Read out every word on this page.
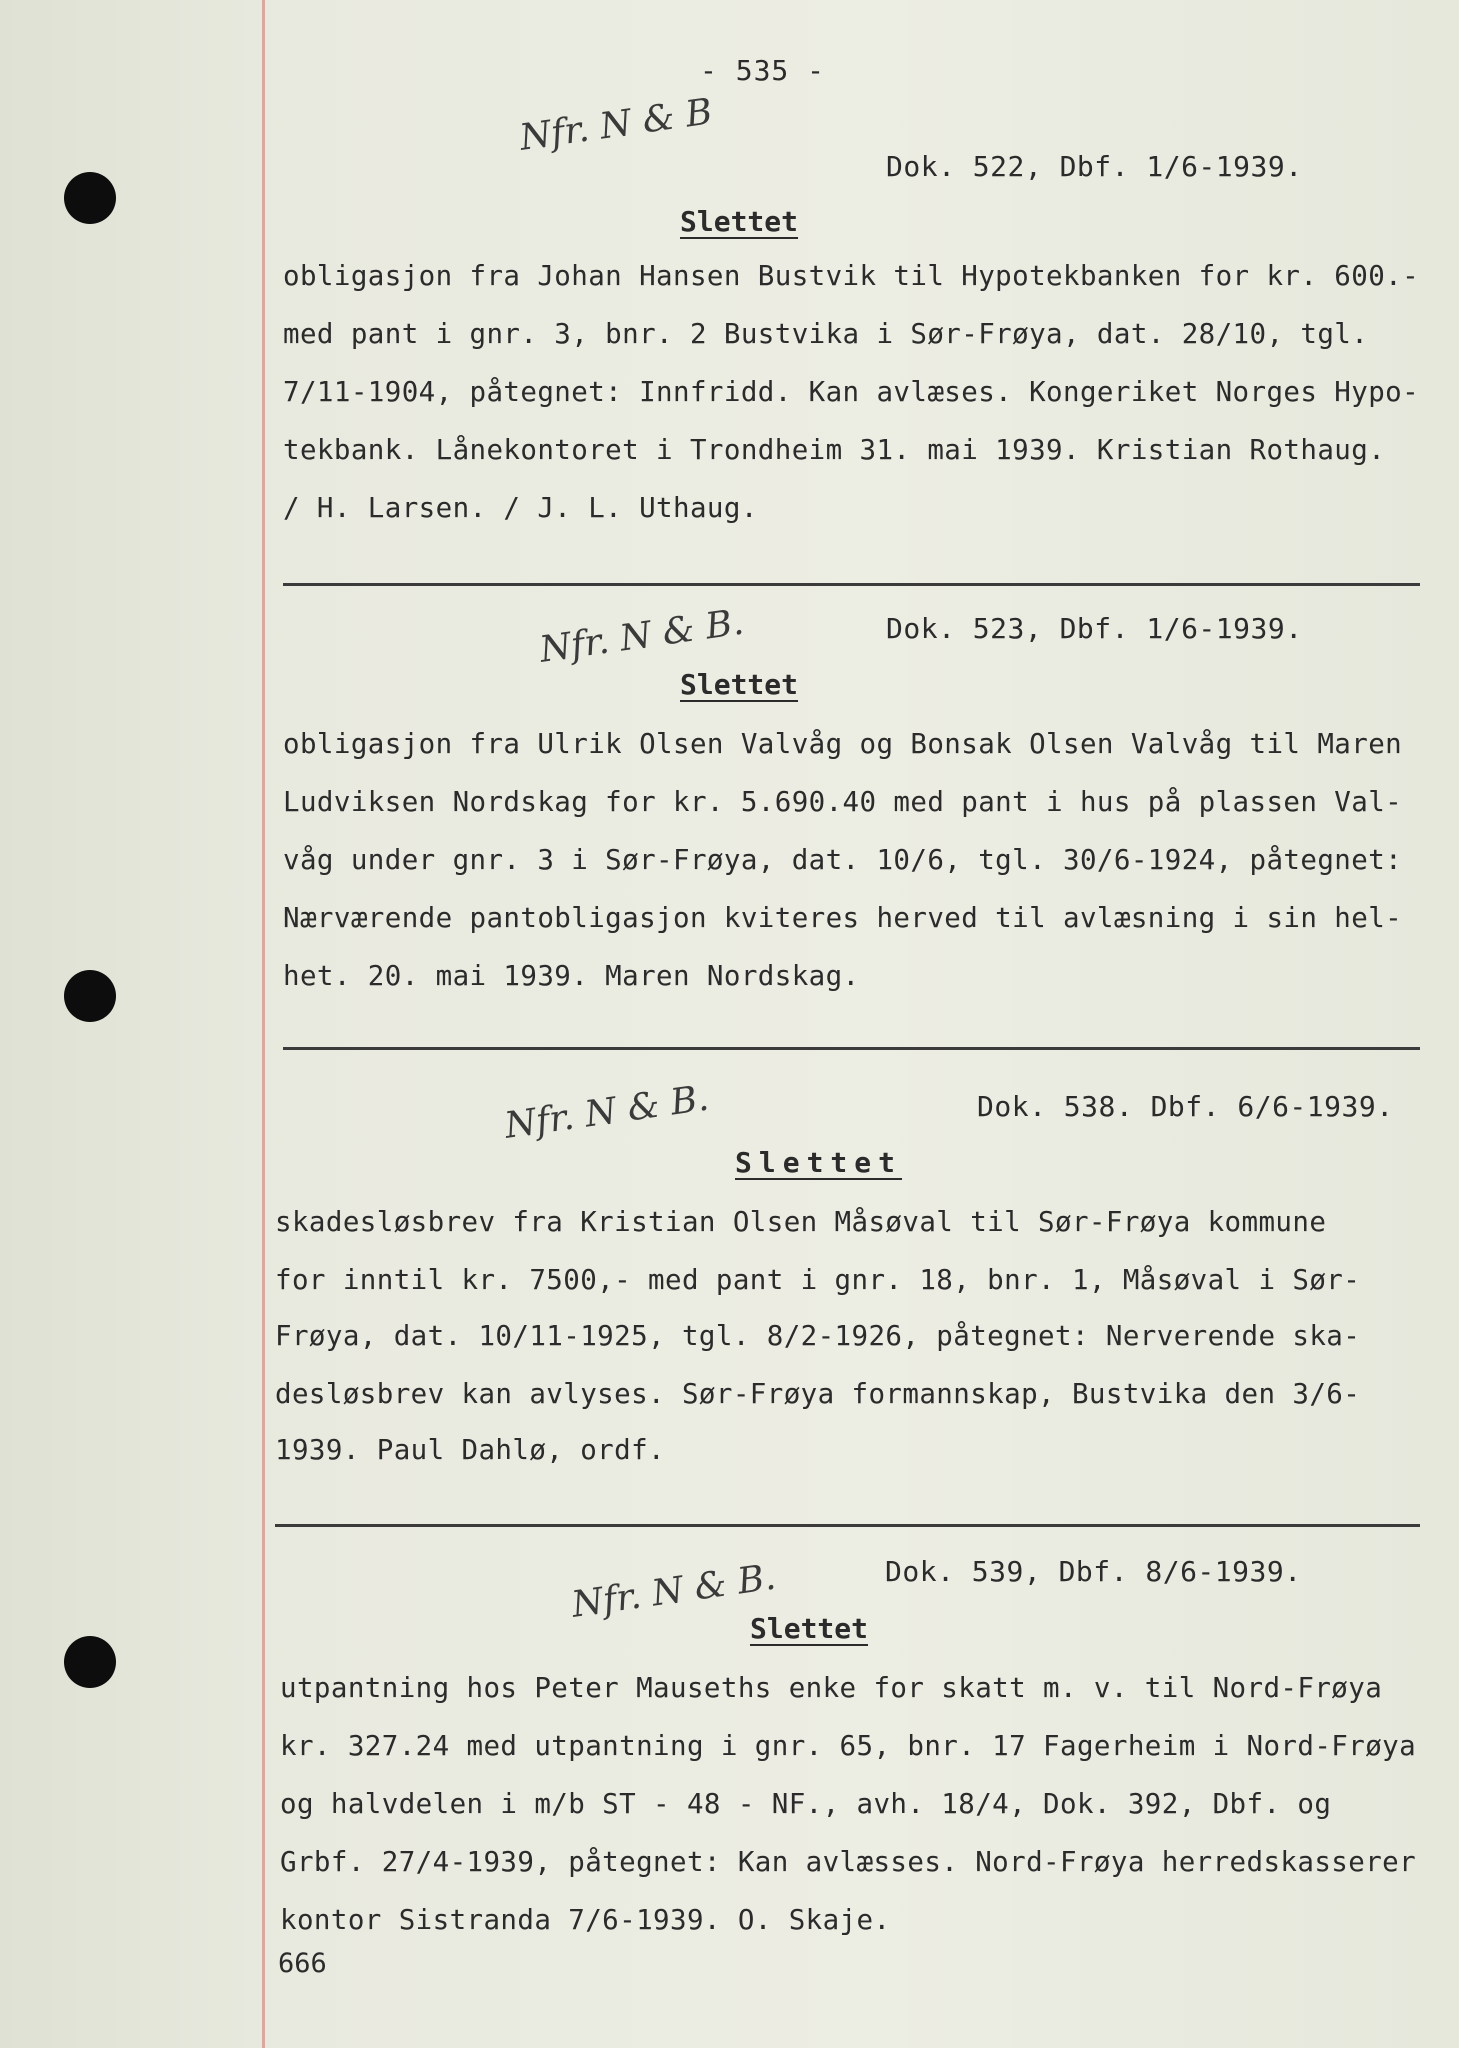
- 535 -
Nfr. N & B
Dok. 522, Dbf. 1/6-1939.
Slettet
obligasjon fra Johan Hansen Bustvik til Hypotekbanken for kr. 600.-
med pant i gnr. 3, bnr. 2 Bustvika i Sør-Frøya, dat. 28/10, tgl.
7/11-1904, påtegnet: Innfridd. Kan avlæses. Kongeriket Norges Hypo-
tekbank. Lånekontoret i Trondheim 31. mai 1939. Kristian Rothaug.
/ H. Larsen. / J. L. Uthaug.
Nfr. N & B.	Dok. 523, Dbf. 1/6-1939.
Slettet
obligasjon fra Ulrik Olsen Valvåg og Bonsak Olsen Valvåg til Maren
Ludviksen Nordskag for kr. 5.690.40 med pant i hus på plassen Val-
våg under gnr. 3 i Sør-Frøya, dat. 10/6, tgl. 30/6-1924, påtegnet:
Nærværende pantobligasjon kviteres herved til avlæsning i sin hel-
het. 20. mai 1939. Maren Nordskag.
Nfr. N & B.	Dok. 538. Dbf. 6/6-1939.
Slettet
skadesløsbrev fra Kristian Olsen Måsøval til Sør-Frøya kommune
for inntil kr. 7500,- med pant i gnr. 18, bnr. 1, Måsøval i Sør-
Frøya, dat. 10/11-1925, tgl. 8/2-1926, påtegnet: Nerverende ska-
desløsbrev kan avlyses. Sør-Frøya formannskap, Bustvika den 3/6-
1939. Paul Dahlø, ordf.
Nfr. N & B.	Dok. 539, Dbf. 8/6-1939.
Slettet
utpantning hos Peter Mauseths enke for skatt m. v. til Nord-Frøya
kr. 327.24 med utpantning i gnr. 65, bnr. 17 Fagerheim i Nord-Frøya
og halvdelen i m/b ST - 48 - NF., avh. 18/4, Dok. 392, Dbf. og
Grbf. 27/4-1939, påtegnet: Kan avlæsses. Nord-Frøya herredskasserer
kontor Sistranda 7/6-1939. O. Skaje.
666
